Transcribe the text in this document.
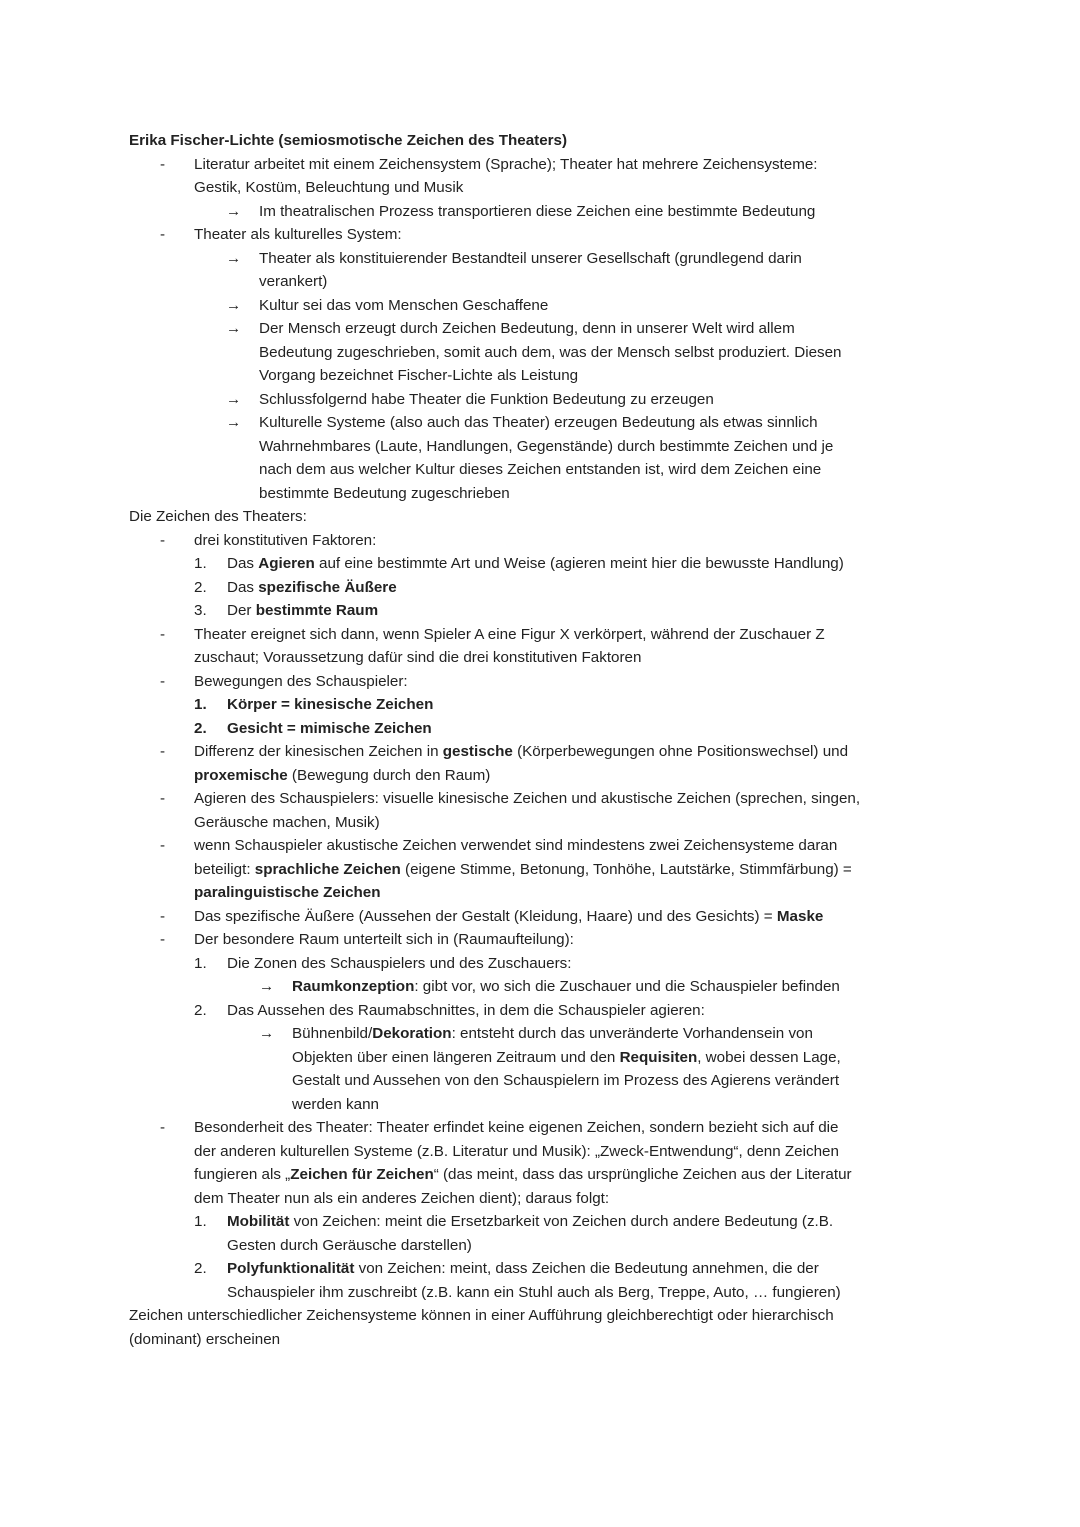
Erika Fischer-Lichte (semiosmotische Zeichen des Theaters)
- Literatur arbeitet mit einem Zeichensystem (Sprache); Theater hat mehrere Zeichensysteme:
Gestik, Kostüm, Beleuchtung und Musik
→ Im theatralischen Prozess transportieren diese Zeichen eine bestimmte Bedeutung
- Theater als kulturelles System:
→ Theater als konstituierender Bestandteil unserer Gesellschaft (grundlegend darin
verankert)
→ Kultur sei das vom Menschen Geschaffene
→ Der Mensch erzeugt durch Zeichen Bedeutung, denn in unserer Welt wird allem
Bedeutung zugeschrieben, somit auch dem, was der Mensch selbst produziert. Diesen
Vorgang bezeichnet Fischer-Lichte als Leistung
→ Schlussfolgernd habe Theater die Funktion Bedeutung zu erzeugen
→ Kulturelle Systeme (also auch das Theater) erzeugen Bedeutung als etwas sinnlich
Wahrnehmbares (Laute, Handlungen, Gegenstände) durch bestimmte Zeichen und je
nach dem aus welcher Kultur dieses Zeichen entstanden ist, wird dem Zeichen eine
bestimmte Bedeutung zugeschrieben
Die Zeichen des Theaters:
- drei konstitutiven Faktoren:
1. Das Agieren auf eine bestimmte Art und Weise (agieren meint hier die bewusste Handlung)
2. Das spezifische Äußere
3. Der bestimmte Raum
- Theater ereignet sich dann, wenn Spieler A eine Figur X verkörpert, während der Zuschauer Z
zuschaut; Voraussetzung dafür sind die drei konstitutiven Faktoren
- Bewegungen des Schauspieler:
1. Körper = kinesische Zeichen
2. Gesicht = mimische Zeichen
- Differenz der kinesischen Zeichen in gestische (Körperbewegungen ohne Positionswechsel) und
proxemische (Bewegung durch den Raum)
- Agieren des Schauspielers: visuelle kinesische Zeichen und akustische Zeichen (sprechen, singen,
Geräusche machen, Musik)
- wenn Schauspieler akustische Zeichen verwendet sind mindestens zwei Zeichensysteme daran
beteiligt: sprachliche Zeichen (eigene Stimme, Betonung, Tonhöhe, Lautstärke, Stimmfärbung) =
paralinguistische Zeichen
- Das spezifische Äußere (Aussehen der Gestalt (Kleidung, Haare) und des Gesichts) = Maske
- Der besondere Raum unterteilt sich in (Raumaufteilung):
1. Die Zonen des Schauspielers und des Zuschauers:
→ Raumkonzeption: gibt vor, wo sich die Zuschauer und die Schauspieler befinden
2. Das Aussehen des Raumabschnittes, in dem die Schauspieler agieren:
→ Bühnenbild/Dekoration: entsteht durch das unveränderte Vorhandensein von
Objekten über einen längeren Zeitraum und den Requisiten, wobei dessen Lage,
Gestalt und Aussehen von den Schauspielern im Prozess des Agierens verändert
werden kann
- Besonderheit des Theater: Theater erfindet keine eigenen Zeichen, sondern bezieht sich auf die
der anderen kulturellen Systeme (z.B. Literatur und Musik): „Zweck-Entwendung“, denn Zeichen
fungieren als „Zeichen für Zeichen“ (das meint, dass das ursprüngliche Zeichen aus der Literatur
dem Theater nun als ein anderes Zeichen dient); daraus folgt:
1. Mobilität von Zeichen: meint die Ersetzbarkeit von Zeichen durch andere Bedeutung (z.B.
Gesten durch Geräusche darstellen)
2. Polyfunktionalität von Zeichen: meint, dass Zeichen die Bedeutung annehmen, die der
Schauspieler ihm zuschreibt (z.B. kann ein Stuhl auch als Berg, Treppe, Auto, … fungieren)
Zeichen unterschiedlicher Zeichensysteme können in einer Aufführung gleichberechtigt oder hierarchisch
(dominant) erscheinen
